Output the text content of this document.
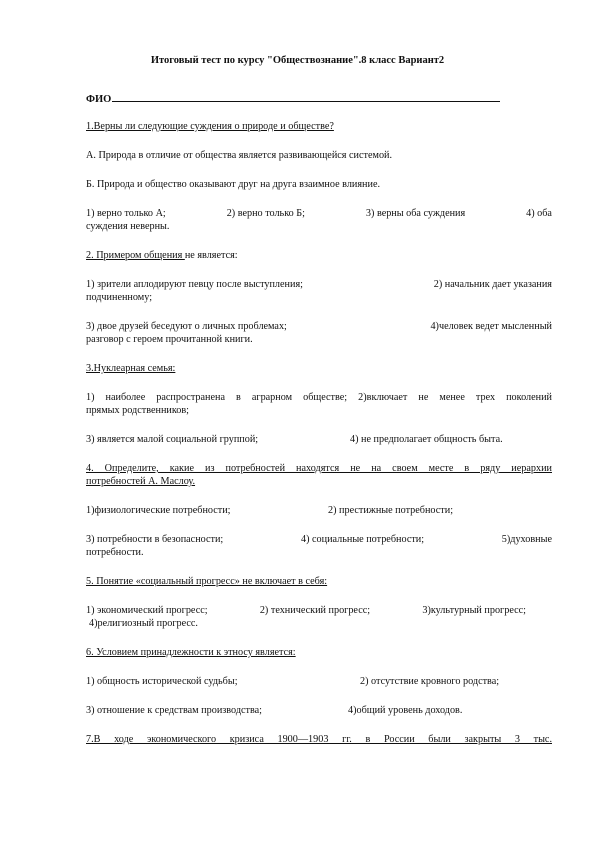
Итоговый тест по курсу "Обществознание".8 класс Вариант2
ФИО
1.Верны ли следующие суждения о природе и обществе?
А. Природа в отличие от общества является развивающейся системой.
Б. Природа и общество оказывают друг на друга взаимное влияние.
1) верно только А;	2) верно только Б;	3) верны оба суждения	4) оба
суждения неверны.
2. Примером общения не является:
1) зрители аплодируют певцу после выступления;	2) начальник дает указания
подчиненному;
3) двое друзей беседуют о личных проблемах;	4)человек ведет мысленный
разговор с героем прочитанной книги.
3.Нуклеарная семья:
1) наиболее распространена в аграрном обществе; 2)включает не менее трех поколений
прямых родственников;
3) является малой социальной группой;	4) не предполагает общность быта.
4. Определите, какие из потребностей находятся не на своем месте в ряду иерархии
потребностей А. Маслоу.
1)физиологические потребности;	2) престижные потребности;
3) потребности в безопасности;	4) социальные потребности;	5)духовные
потребности.
5. Понятие «социальный прогресс» не включает в себя:
1) экономический прогресс;	2) технический прогресс;	3)культурный прогресс;
4)религиозный прогресс.
6. Условием принадлежности к этносу является:
1) общность исторической судьбы;	2) отсутствие кровного родства;
3) отношение к средствам производства;	4)общий уровень доходов.
7.В ходе экономического кризиса 1900—1903 гг. в России были закрыты 3 тыс.
